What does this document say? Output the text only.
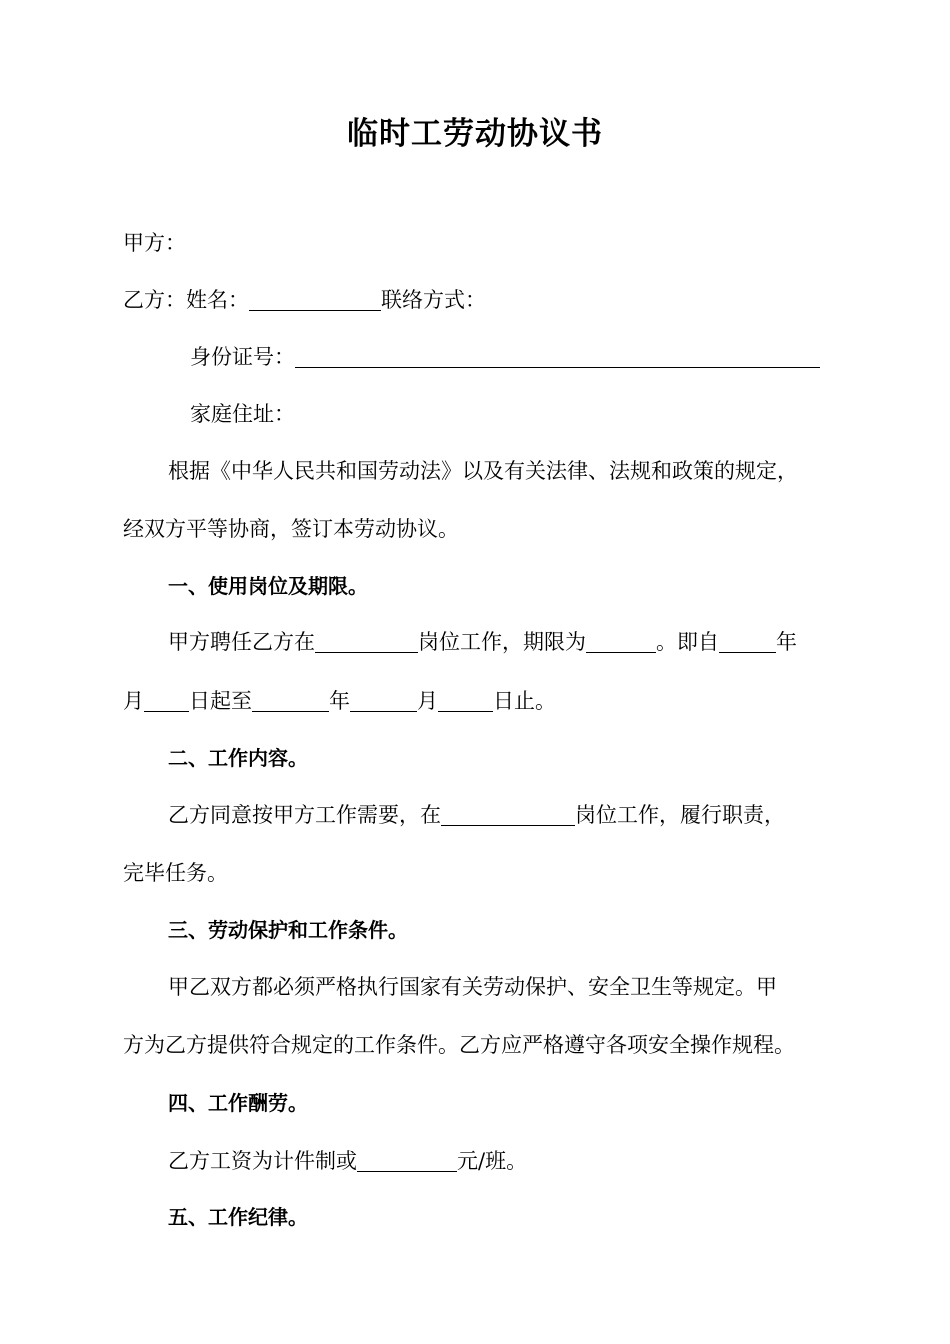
临时工劳动协议书
甲方：
乙方：姓名：	联络方式：
身份证号：
家庭住址：
根据《中华人民共和国劳动法》以及有关法律、法规和政策的规定，
经双方平等协商，签订本劳动协议。
一、使用岗位及期限。
甲方聘任乙方在	岗位工作，期限为	。即自	年
月 日起至	年	月	日止。
二、工作内容。
乙方同意按甲方工作需要，在	岗位工作，履行职责，
完毕任务。
三、劳动保护和工作条件。
甲乙双方都必须严格执行国家有关劳动保护、安全卫生等规定。甲
方为乙方提供符合规定的工作条件。乙方应严格遵守各项安全操作规程。
四、工作酬劳。
乙方工资为计件制或	元/班。
五、工作纪律。
